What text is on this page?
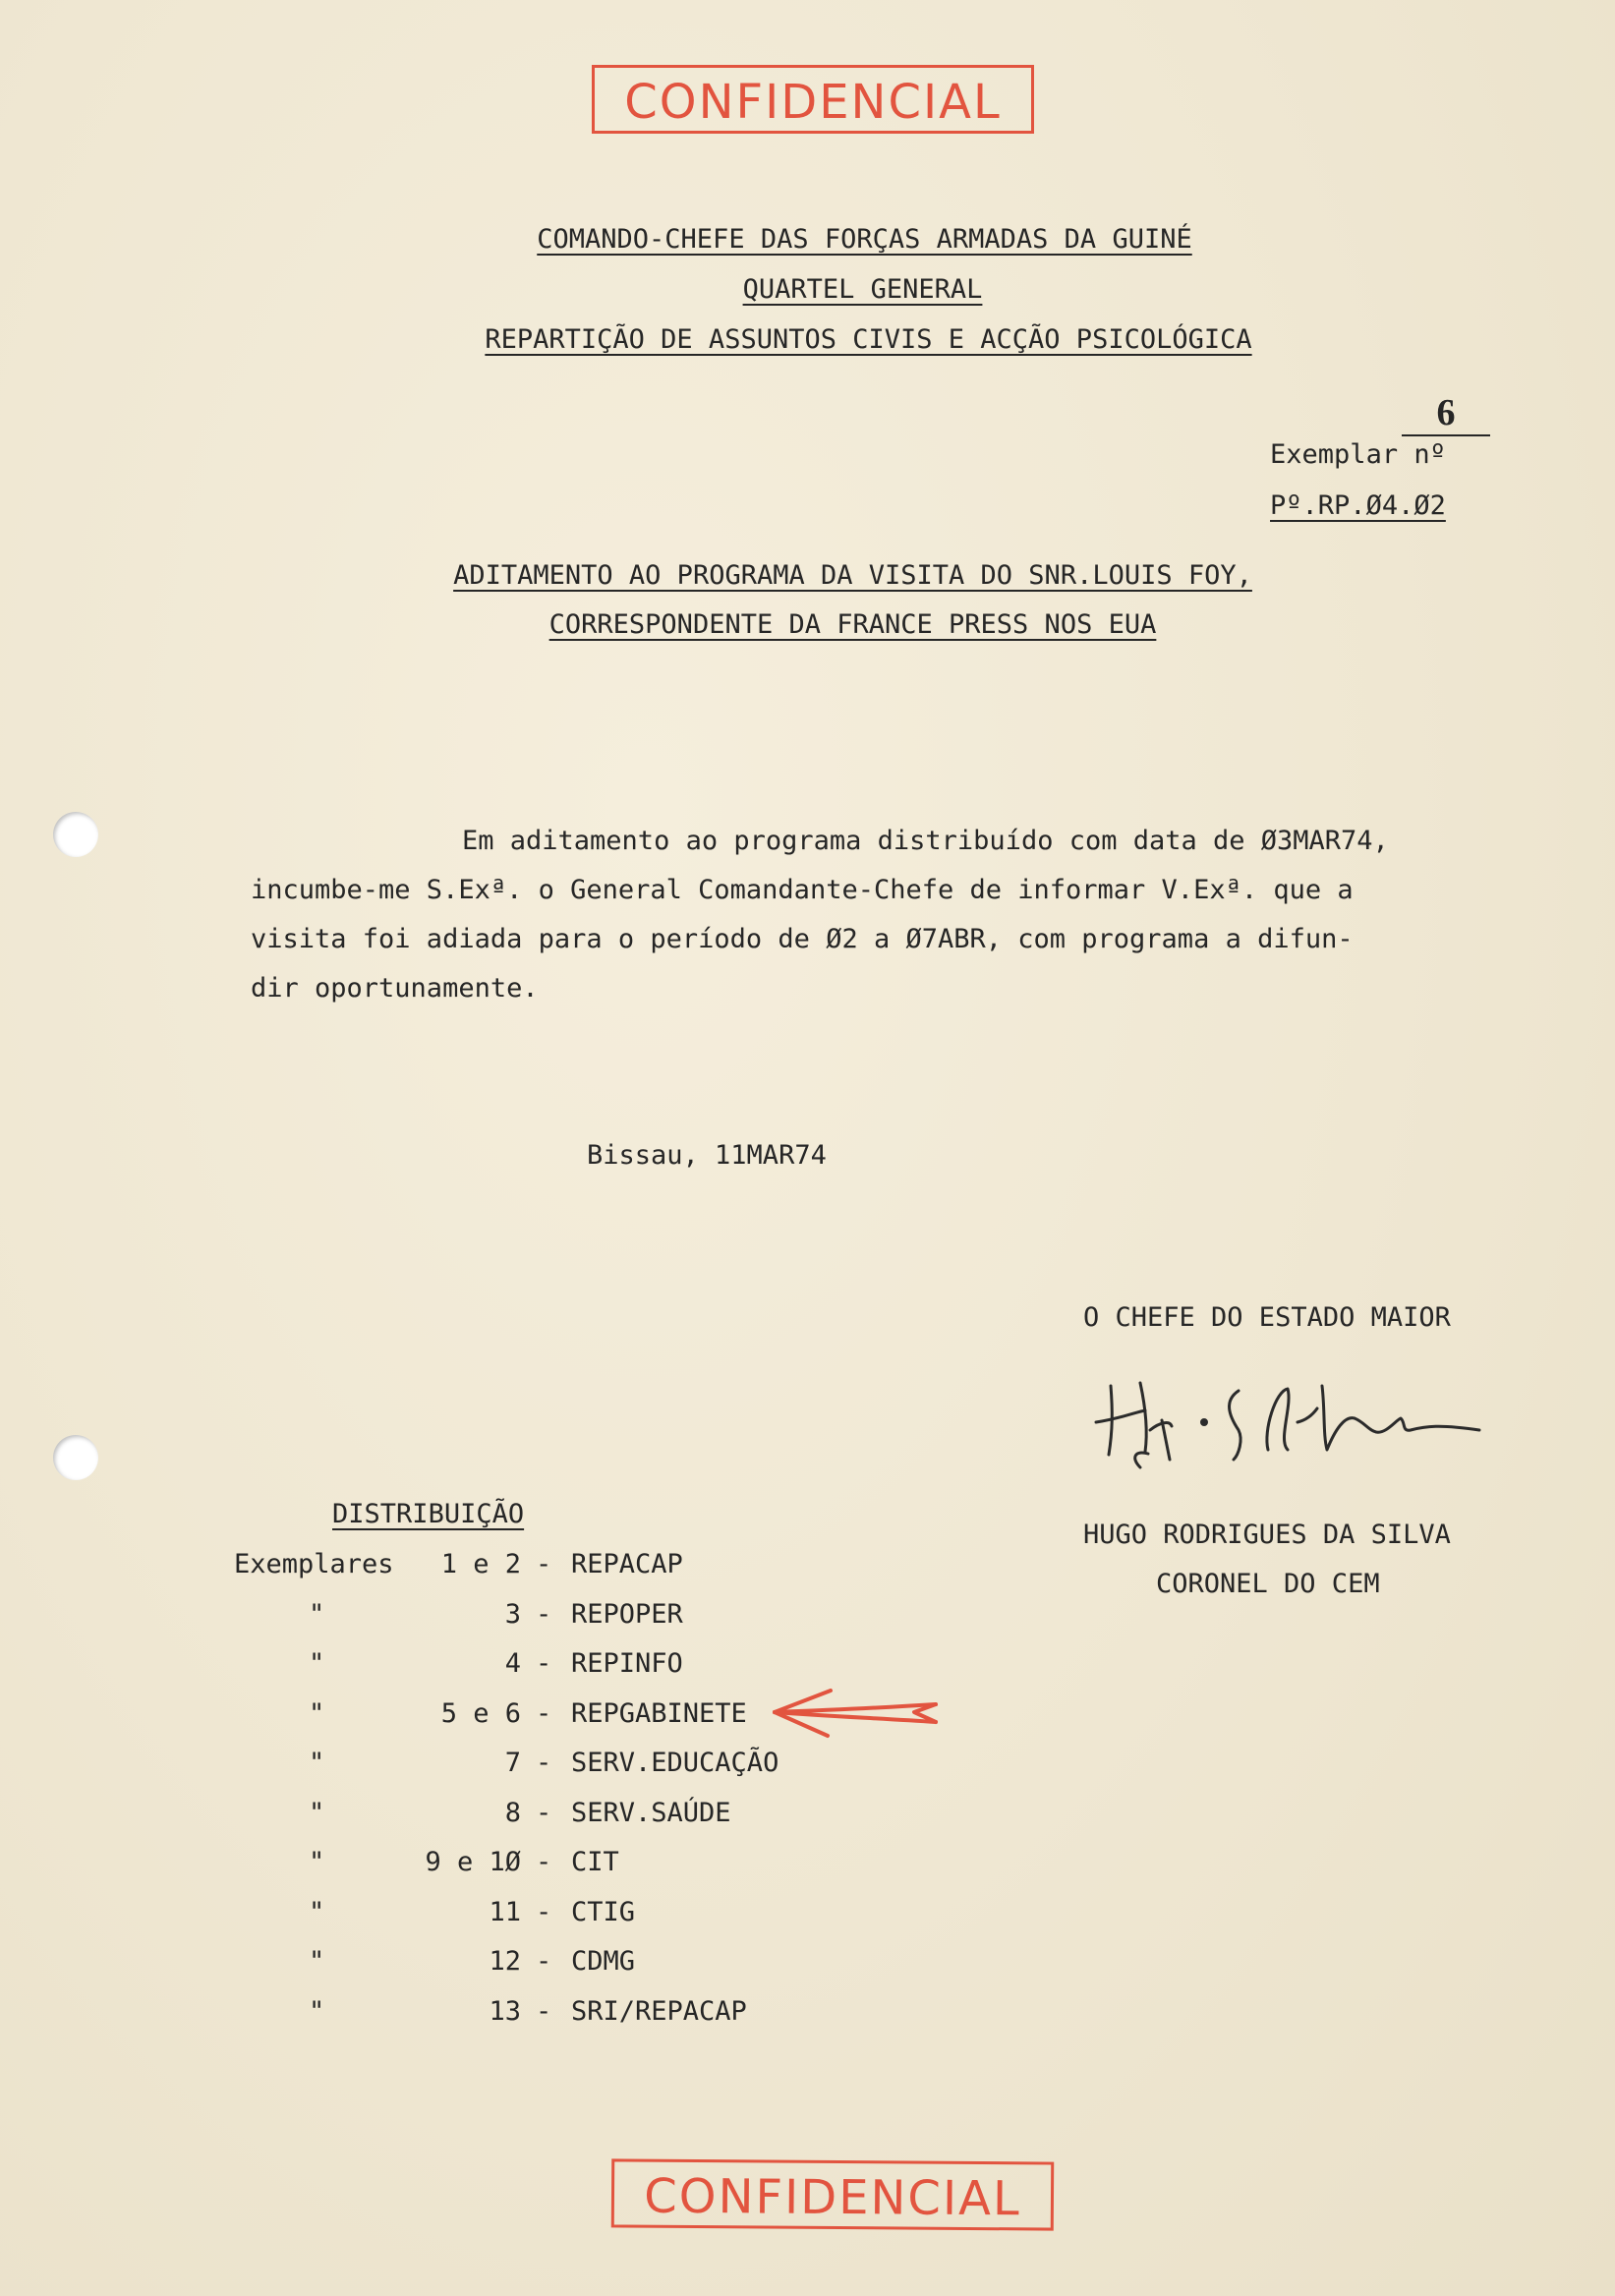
CONFIDENCIAL
COMANDO-CHEFE DAS FORÇAS ARMADAS DA GUINÉ
QUARTEL GENERAL
REPARTIÇÃO DE ASSUNTOS CIVIS E ACÇÃO PSICOLÓGICA

Exemplar nº

6

Pº.RP.Ø4.Ø2

ADITAMENTO AO PROGRAMA DA VISITA DO SNR.LOUIS FOY,
CORRESPONDENTE DA FRANCE PRESS NOS EUA
Em aditamento ao programa distribuído com data de Ø3MAR74,
incumbe-me S.Exª. o General Comandante-Chefe de informar V.Exª. que a
visita foi adiada para o período de Ø2 a Ø7ABR, com programa a difun-
dir oportunamente.
Bissau, 11MAR74
O CHEFE DO ESTADO MAIOR
HUGO RODRIGUES DA SILVA
CORONEL DO CEM

DISTRIBUIÇÃO

Exemplares 1 e 2 - REPACAP
"	3 - REPOPER
"	4 - REPINFO
"	5 e 6 - REPGABINETE
"	7 - SERV.EDUCAÇÃO
"	8 - SERV.SAÚDE
"	9 e 1Ø - CIT
"	11 - CTIG
"	12 - CDMG
"	13 - SRI/REPACAP
CONFIDENCIAL
